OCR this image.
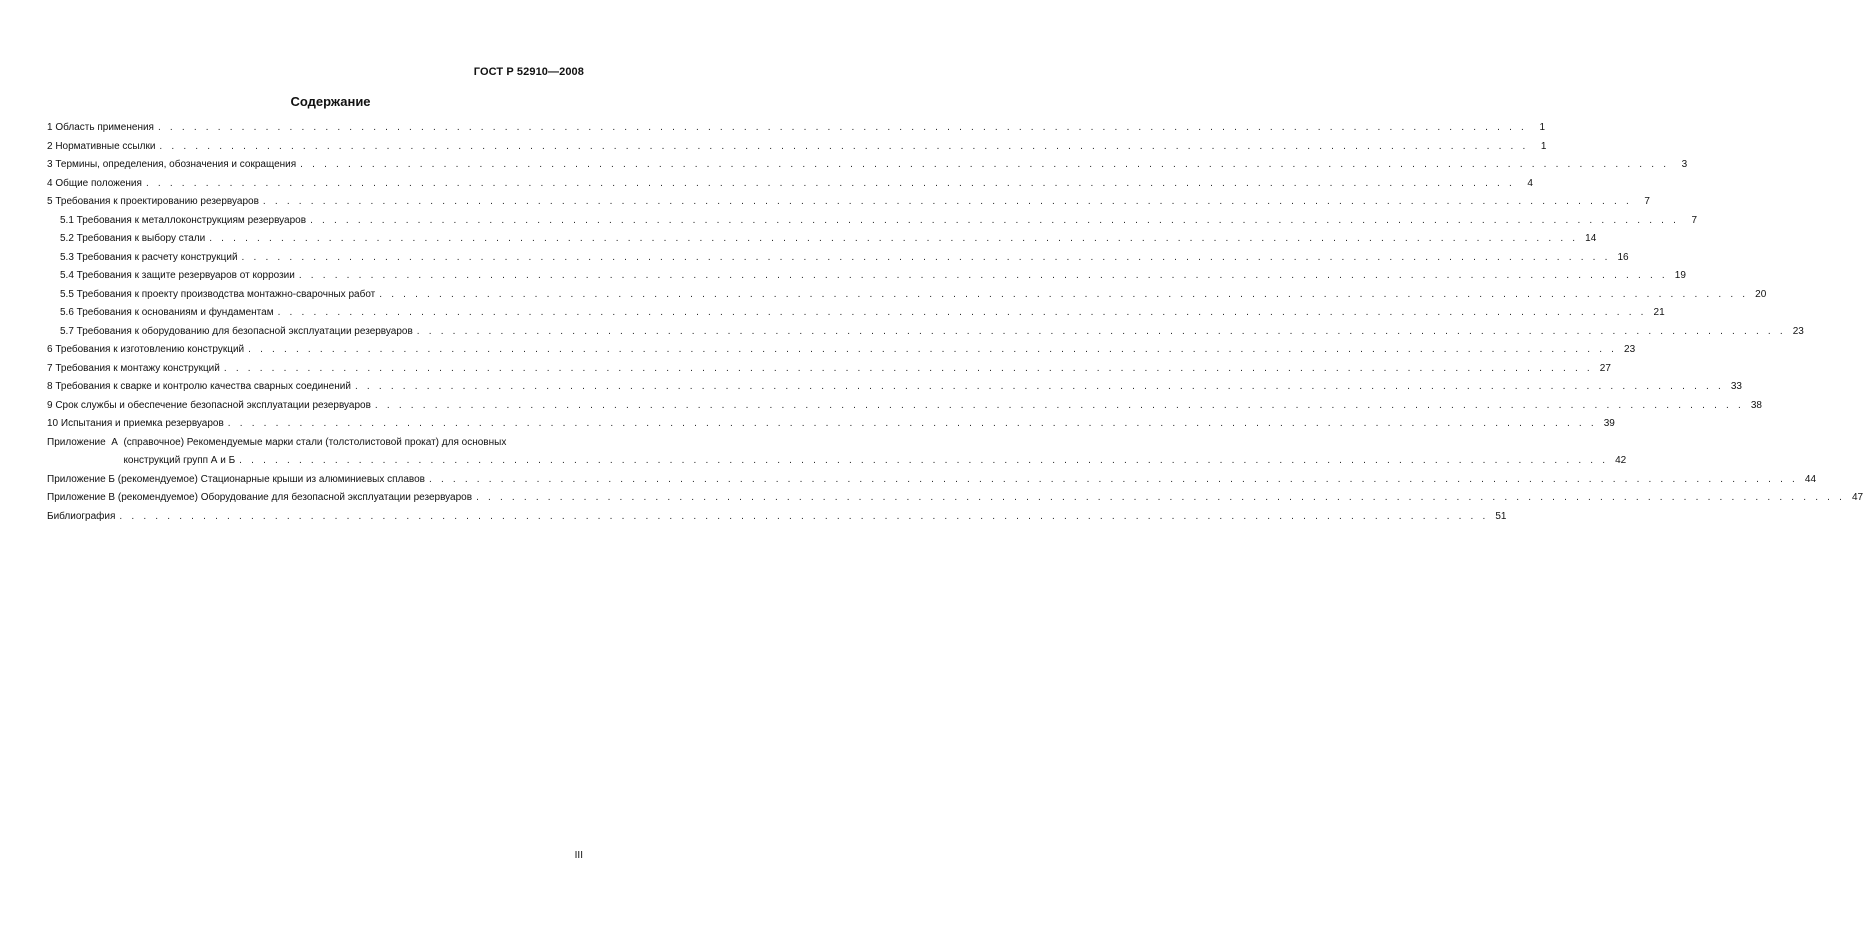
ГОСТ Р 52910—2008
Содержание
1 Область применения . . .	1
2 Нормативные ссылки . . .	1
3 Термины, определения, обозначения и сокращения . . .	3
4 Общие положения . . .	4
5 Требования к проектированию резервуаров . . .	7
5.1 Требования к металлоконструкциям резервуаров . . .	7
5.2 Требования к выбору стали . . .	14
5.3 Требования к расчету конструкций . . .	16
5.4 Требования к защите резервуаров от коррозии . . .	19
5.5 Требования к проекту производства монтажно-сварочных работ . . .	20
5.6 Требования к основаниям и фундаментам . . .	21
5.7 Требования к оборудованию для безопасной эксплуатации резервуаров . . .	23
6 Требования к изготовлению конструкций . . .	23
7 Требования к монтажу конструкций . . .	27
8 Требования к сварке и контролю качества сварных соединений . . .	33
9 Срок службы и обеспечение безопасной эксплуатации резервуаров . . .	38
10 Испытания и приемка резервуаров . . .	39
Приложение  А (справочное) Рекомендуемые марки стали (толстолистовой прокат) для основных
конструкций групп А и Б . . .	42
Приложение Б (рекомендуемое) Стационарные крыши из алюминиевых сплавов . . .	44
Приложение В (рекомендуемое) Оборудование для безопасной эксплуатации резервуаров . . .	47
Библиография . . .	51
III
